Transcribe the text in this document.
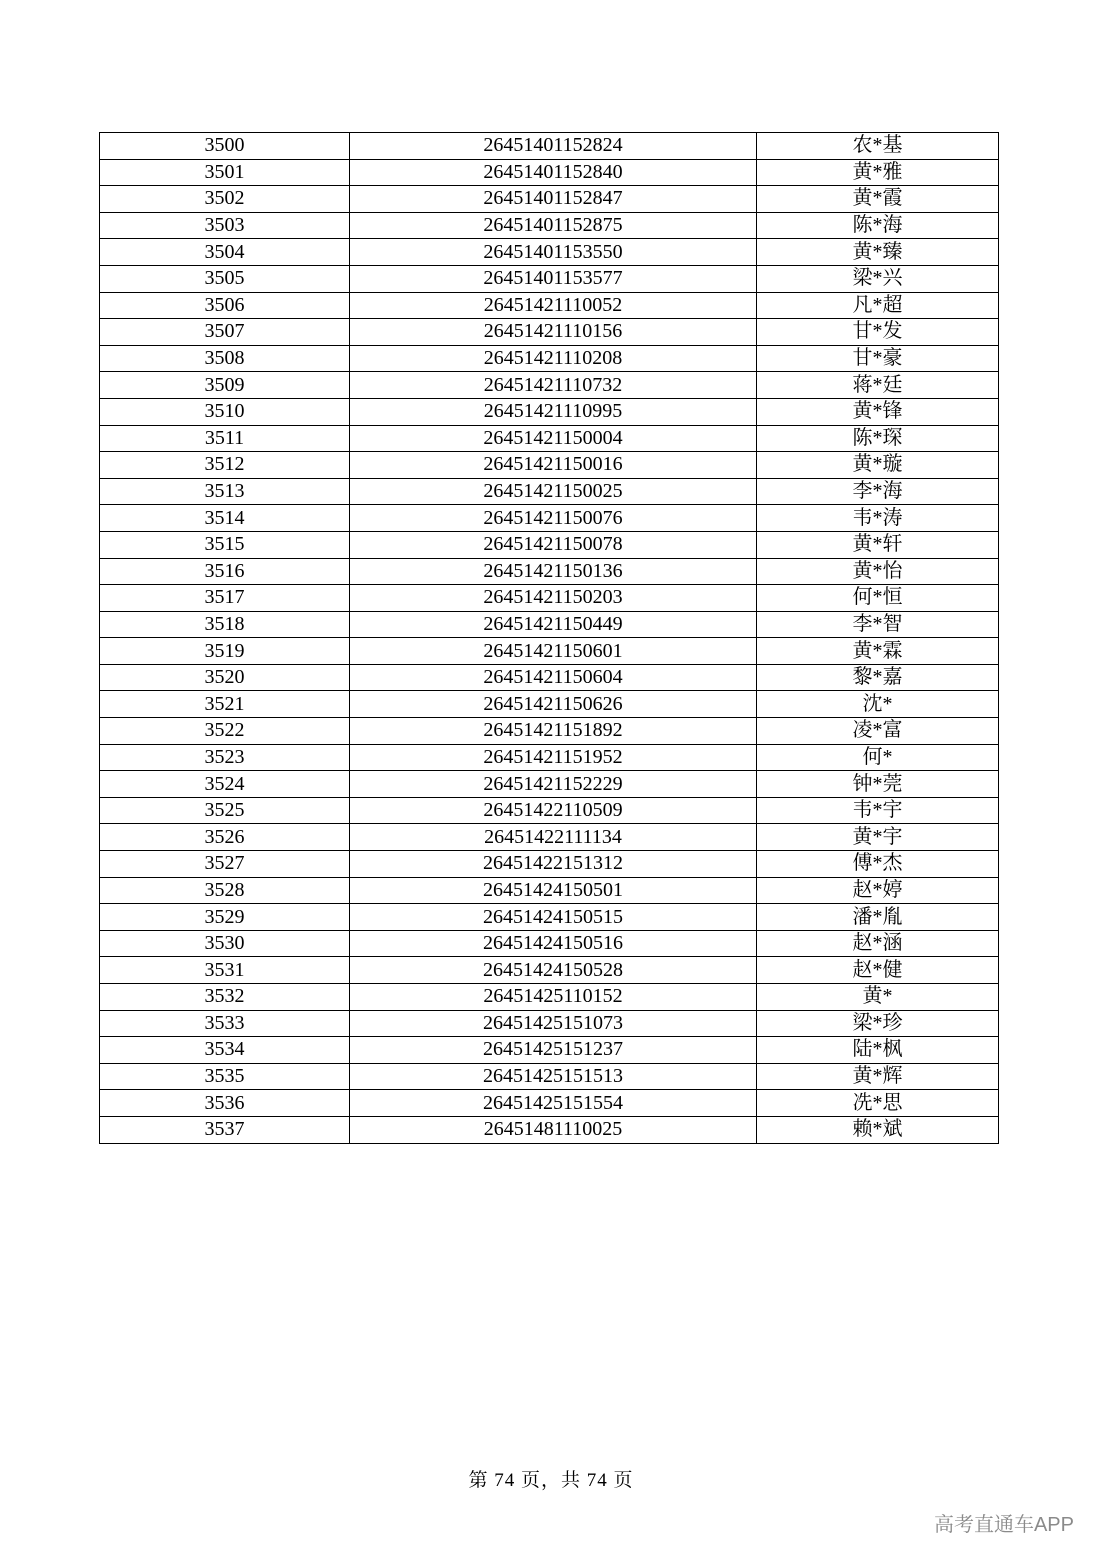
3500	26451401152824	农*基
3501	26451401152840	黄*雅
3502	26451401152847	黄*霞
3503	26451401152875	陈*海
3504	26451401153550	黄*臻
3505	26451401153577	梁*兴
3506	26451421110052	凡*超
3507	26451421110156	甘*发
3508	26451421110208	甘*豪
3509	26451421110732	蒋*廷
3510	26451421110995	黄*锋
3511	26451421150004	陈*琛
3512	26451421150016	黄*璇
3513	26451421150025	李*海
3514	26451421150076	韦*涛
3515	26451421150078	黄*轩
3516	26451421150136	黄*怡
3517	26451421150203	何*恒
3518	26451421150449	李*智
3519	26451421150601	黄*霖
3520	26451421150604	黎*嘉
3521	26451421150626	沈*
3522	26451421151892	凌*富
3523	26451421151952	何*
3524	26451421152229	钟*莞
3525	26451422110509	韦*宇
3526	26451422111134	黄*宇
3527	26451422151312	傅*杰
3528	26451424150501	赵*婷
3529	26451424150515	潘*胤
3530	26451424150516	赵*涵
3531	26451424150528	赵*健
3532	26451425110152	黄*
3533	26451425151073	梁*珍
3534	26451425151237	陆*枫
3535	26451425151513	黄*辉
3536	26451425151554	冼*思
3537	26451481110025	赖*斌
第 74 页，共 74 页
高考直通车APP
